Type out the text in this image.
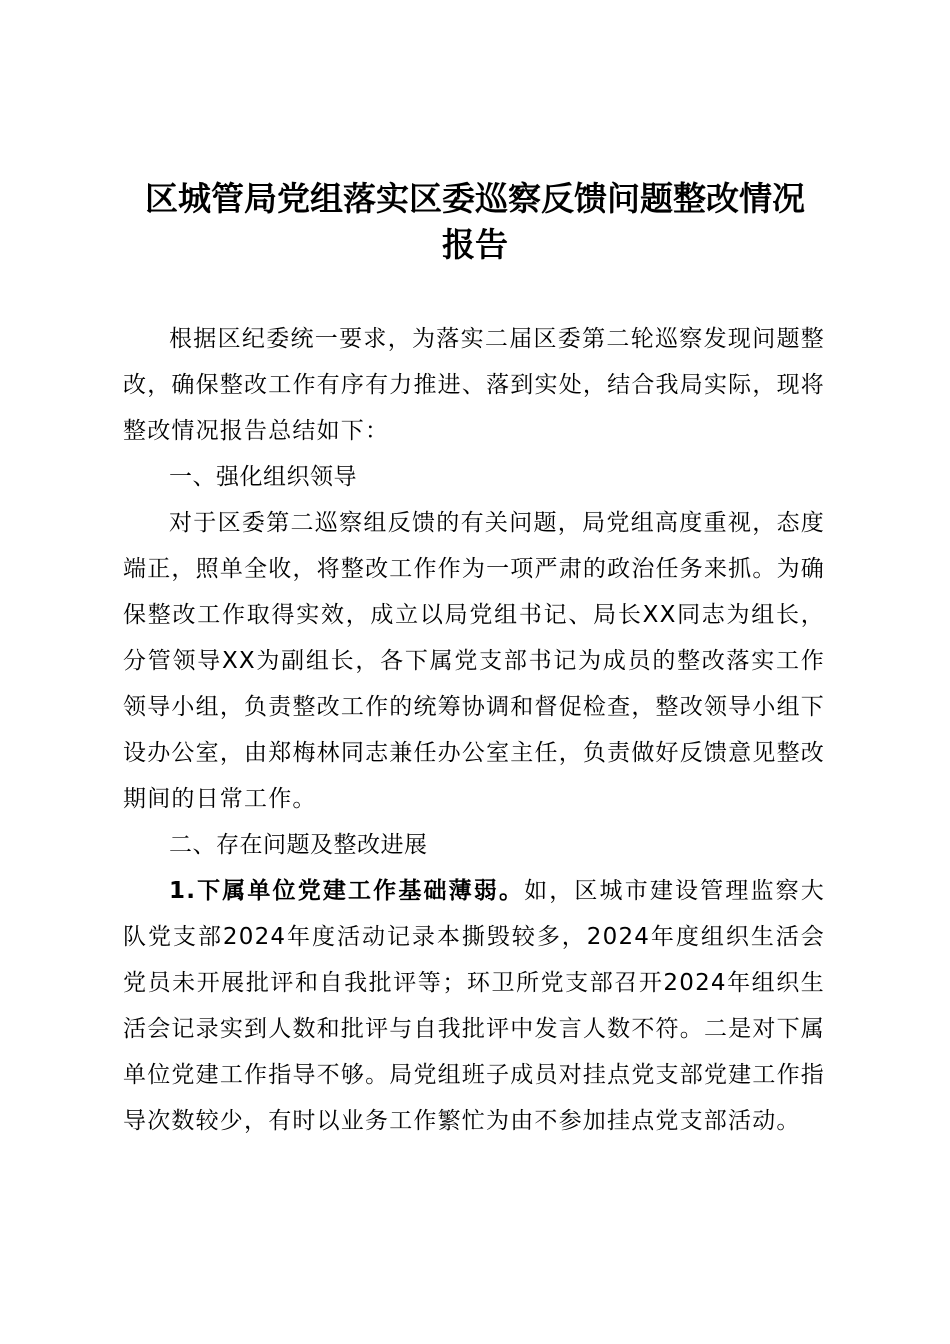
区城管局党组落实区委巡察反馈问题整改情况
报告

根据区纪委统一要求，为落实二届区委第二轮巡察发现问题整改，确保整改工作有序有力推进、落到实处，结合我局实际，现将整改情况报告总结如下：

一、强化组织领导

对于区委第二巡察组反馈的有关问题，局党组高度重视，态度端正，照单全收，将整改工作作为一项严肃的政治任务来抓。为确保整改工作取得实效，成立以局党组书记、局长XX同志为组长，分管领导XX为副组长，各下属党支部书记为成员的整改落实工作领导小组，负责整改工作的统筹协调和督促检查，整改领导小组下设办公室，由郑梅林同志兼任办公室主任，负责做好反馈意见整改期间的日常工作。

二、存在问题及整改进展

1.下属单位党建工作基础薄弱。如，区城市建设管理监察大队党支部2024年度活动记录本撕毁较多，2024年度组织生活会党员未开展批评和自我批评等；环卫所党支部召开2024年组织生活会记录实到人数和批评与自我批评中发言人数不符。二是对下属单位党建工作指导不够。局党组班子成员对挂点党支部党建工作指导次数较少，有时以业务工作繁忙为由不参加挂点党支部活动。
